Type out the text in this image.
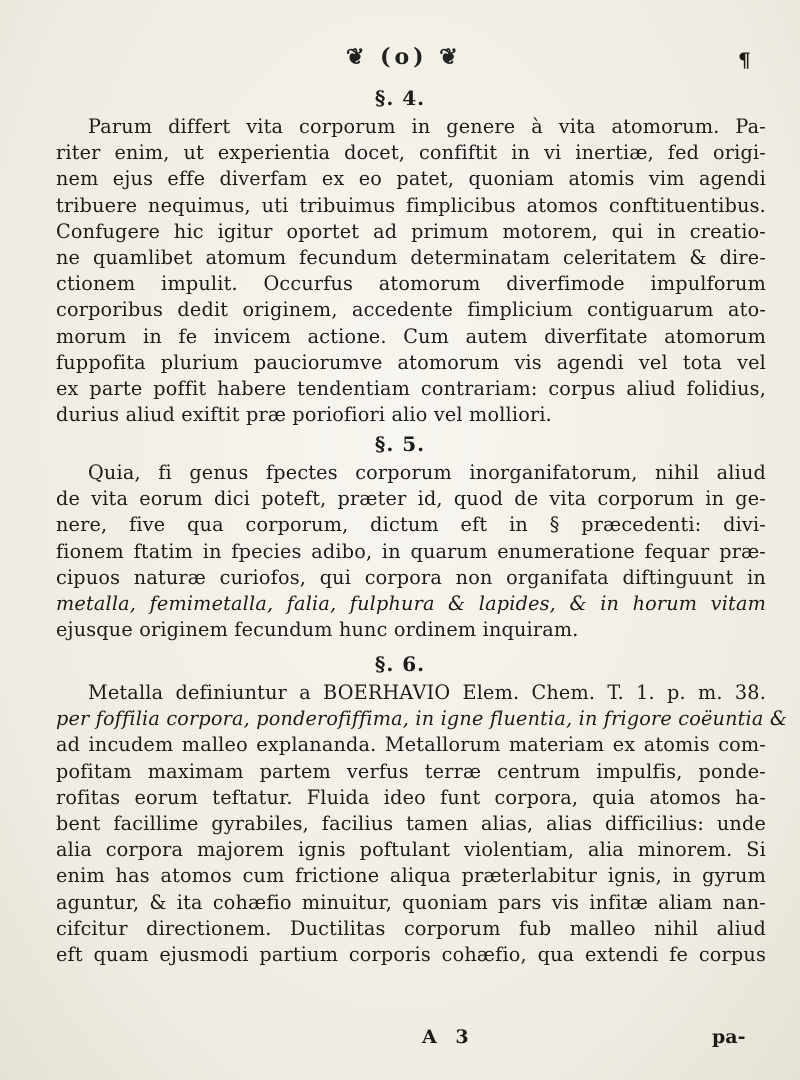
❦ (o) ❦	¶
§. 4.
Parum differt vita corporum in genere à vita atomorum. Pa-
riter enim, ut experientia docet, confiftit in vi inertiæ, fed origi-
nem ejus effe diverfam ex eo patet, quoniam atomis vim agendi
tribuere nequimus, uti tribuimus fimplicibus atomos conftituentibus.
Confugere hic igitur oportet ad primum motorem, qui in creatio-
ne quamlibet atomum fecundum determinatam celeritatem & dire-
ctionem impulit. Occurfus atomorum diverfimode impulforum
corporibus dedit originem, accedente fimplicium contiguarum ato-
morum in fe invicem actione. Cum autem diverfitate atomorum
fuppofita plurium pauciorumve atomorum vis agendi vel tota vel
ex parte poffit habere tendentiam contrariam: corpus aliud folidius,
durius aliud exiftit præ poriofiori alio vel molliori.
§. 5.
Quia, fi genus fpectes corporum inorganifatorum, nihil aliud
de vita eorum dici poteft, præter id, quod de vita corporum in ge-
nere, five qua corporum, dictum eft in § præcedenti: divi-
fionem ftatim in fpecies adibo, in quarum enumeratione fequar præ-
cipuos naturæ curiofos, qui corpora non organifata diftinguunt in
metalla, femimetalla, falia, fulphura & lapides, & in horum vitam
ejusque originem fecundum hunc ordinem inquiram.
§. 6.
Metalla definiuntur a BOERHAVIO Elem. Chem. T. 1. p. m. 38.
per foffilia corpora, ponderofiffima, in igne fluentia, in frigore coëuntia &
ad incudem malleo explananda. Metallorum materiam ex atomis com-
pofitam maximam partem verfus terræ centrum impulfis, ponde-
rofitas eorum teftatur. Fluida ideo funt corpora, quia atomos ha-
bent facillime gyrabiles, facilius tamen alias, alias difficilius: unde
alia corpora majorem ignis poftulant violentiam, alia minorem. Si
enim has atomos cum frictione aliqua præterlabitur ignis, in gyrum
aguntur, & ita cohæfio minuitur, quoniam pars vis infitæ aliam nan-
cifcitur directionem. Ductilitas corporum fub malleo nihil aliud
eft quam ejusmodi partium corporis cohæfio, qua extendi fe corpus
A 3	pa-
